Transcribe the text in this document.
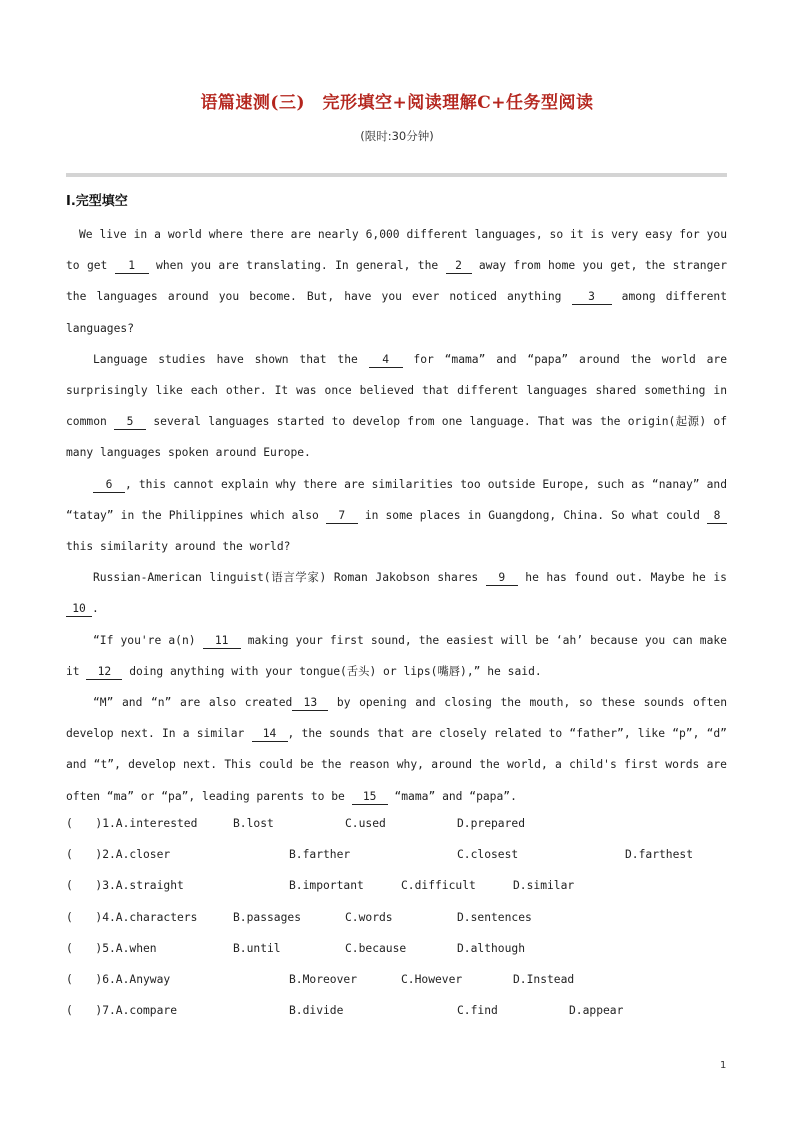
语篇速测(三)　完形填空+阅读理解C+任务型阅读
(限时:30分钟)
Ⅰ.完型填空

We live in a world where there are nearly 6,000 different languages, so it is very easy for you to get 1 when you are translating. In general, the 2 away from home you get, the stranger the languages around you become. But, have you ever noticed anything 3 among different languages?

Language studies have shown that the 4 for “mama” and “papa” around the world are surprisingly like each other. It was once believed that different languages shared something in common 5 several languages started to develop from one language. That was the origin(起源) of many languages spoken around Europe.

6 , this cannot explain why there are similarities too outside Europe, such as “nanay” and “tatay” in the Philippines which also 7 in some places in Guangdong, China. So what could 8 this similarity around the world?

Russian-American linguist(语言学家) Roman Jakobson shares 9 he has found out. Maybe he is 10 .

“If you're a(n) 11 making your first sound, the easiest will be ‘ah’ because you can make it 12 doing anything with your tongue(舌头) or lips(嘴唇),” he said.

“M” and “n” are also created 13 by opening and closing the mouth, so these sounds often develop next. In a similar 14 , the sounds that are closely related to “father”, like “p”, “d” and “t”, develop next. This could be the reason why, around the world, a child's first words are often “ma” or “pa”, leading parents to be 15 “mama” and “papa”.

(　　)1.A.interested	B.lost	C.used	D.prepared
(　　)2.A.closer	B.farther	C.closest	D.farthest
(　　)3.A.straight	B.important	C.difficult	D.similar
(　　)4.A.characters	B.passages	C.words	D.sentences
(　　)5.A.when	B.until	C.because	D.although
(　　)6.A.Anyway	B.Moreover	C.However	D.Instead
(　　)7.A.compare	B.divide	C.find	D.appear
1
